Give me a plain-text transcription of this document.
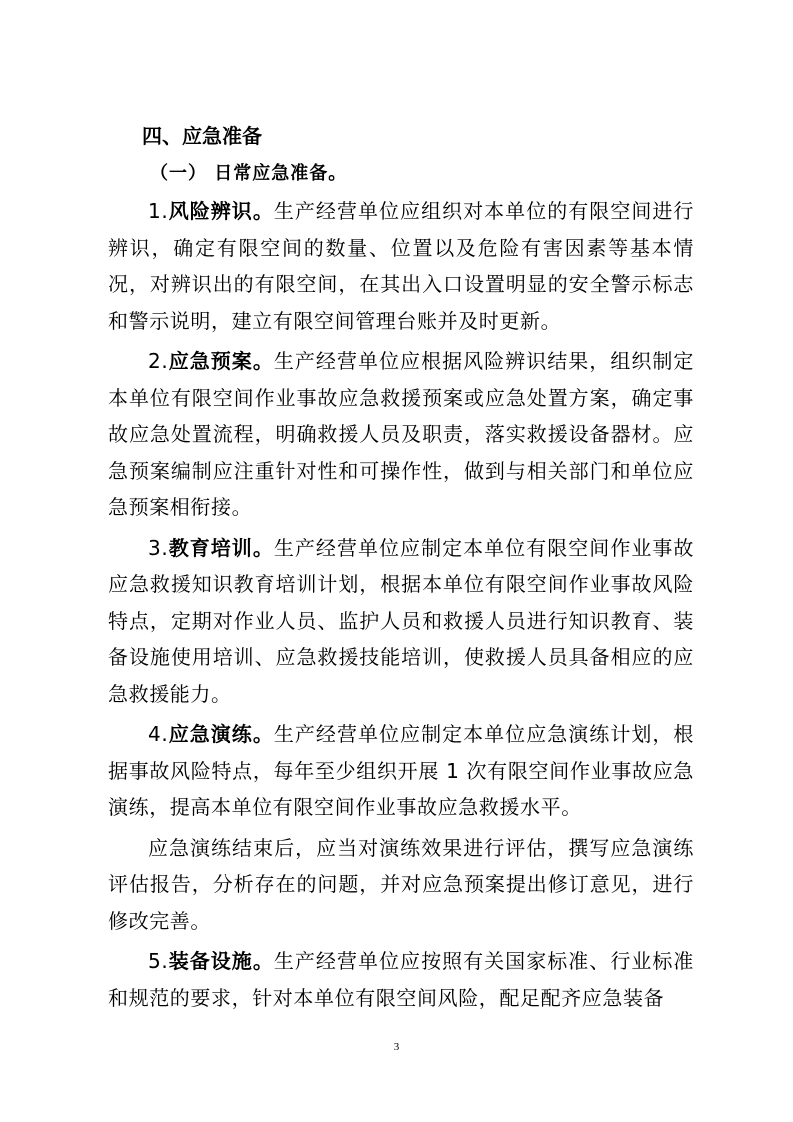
四、应急准备
（一） 日常应急准备。

1.风险辨识。生产经营单位应组织对本单位的有限空间进行辨识，确定有限空间的数量、位置以及危险有害因素等基本情况，对辨识出的有限空间，在其出入口设置明显的安全警示标志和警示说明，建立有限空间管理台账并及时更新。

2.应急预案。生产经营单位应根据风险辨识结果，组织制定本单位有限空间作业事故应急救援预案或应急处置方案，确定事故应急处置流程，明确救援人员及职责，落实救援设备器材。应急预案编制应注重针对性和可操作性，做到与相关部门和单位应急预案相衔接。

3.教育培训。生产经营单位应制定本单位有限空间作业事故应急救援知识教育培训计划，根据本单位有限空间作业事故风险特点，定期对作业人员、监护人员和救援人员进行知识教育、装备设施使用培训、应急救援技能培训，使救援人员具备相应的应急救援能力。

4.应急演练。生产经营单位应制定本单位应急演练计划，根据事故风险特点，每年至少组织开展 1 次有限空间作业事故应急演练，提高本单位有限空间作业事故应急救援水平。

应急演练结束后，应当对演练效果进行评估，撰写应急演练评估报告，分析存在的问题，并对应急预案提出修订意见，进行修改完善。

5.装备设施。生产经营单位应按照有关国家标准、行业标准和规范的要求，针对本单位有限空间风险，配足配齐应急装备

3
